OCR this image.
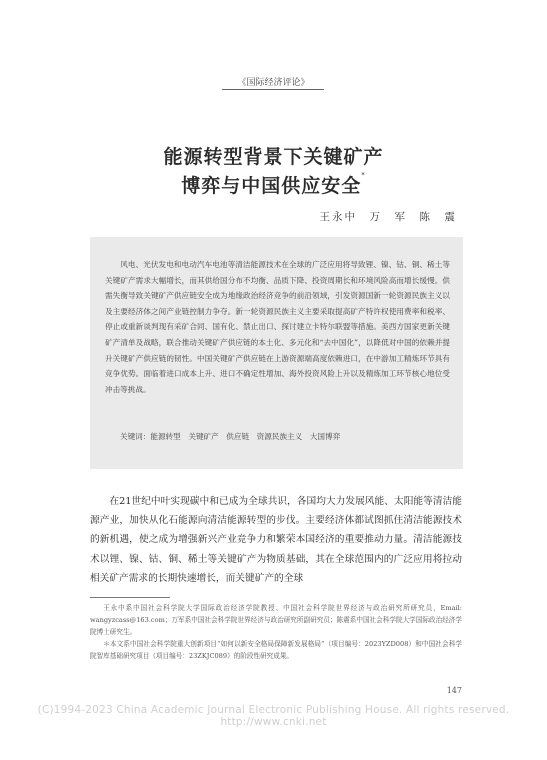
《国际经济评论》
能源转型背景下关键矿产
博弈与中国供应安全*
王永中　万　军　陈　震

风电、光伏发电和电动汽车电池等清洁能源技术在全球的广泛应用将导致锂、镍、钴、铜、稀土等关键矿产需求大幅增长，而其供给国分布不均衡、品质下降、投资周期长和环境风险高而增长缓慢。供需失衡导致关键矿产供应链安全成为地缘政治经济竞争的前沿领域，引发资源国新一轮资源民族主义以及主要经济体之间产业链控制力争夺。新一轮资源民族主义主要采取提高矿产特许权使用费率和税率、停止或重新谈判现有采矿合同、国有化、禁止出口、探讨建立卡特尔联盟等措施。美西方国家更新关键矿产清单及战略，联合推动关键矿产供应链的本土化、多元化和“去中国化”，以降低对中国的依赖并提升关键矿产供应链的韧性。中国关键矿产供应链在上游资源端高度依赖进口，在中游加工精炼环节具有竞争优势。面临着进口成本上升、进口不确定性增加、海外投资风险上升以及精炼加工环节核心地位受冲击等挑战。

关键词：能源转型　关键矿产　供应链　资源民族主义　大国博弈

在21世纪中叶实现碳中和已成为全球共识，各国均大力发展风能、太阳能等清洁能源产业，加快从化石能源向清洁能源转型的步伐。主要经济体都试图抓住清洁能源技术的新机遇，使之成为增强新兴产业竞争力和繁荣本国经济的重要推动力量。清洁能源技术以锂、镍、钴、铜、稀土等关键矿产为物质基础，其在全球范围内的广泛应用将拉动相关矿产需求的长期快速增长，而关键矿产的全球

王永中系中国社会科学院大学国际政治经济学院教授、中国社会科学院世界经济与政治研究所研究员，Email: wangyzcass@163.com；万军系中国社会科学院世界经济与政治研究所副研究员；陈震系中国社会科学院大学国际政治经济学院博士研究生。

＊本文系中国社会科学院重大创新项目“如何以新安全格局保障新发展格局”（项目编号：2023YZD008）和中国社会科学院智库基础研究项目（项目编号：23ZKJC089）的阶段性研究成果。

147
(C)1994-2023 China Academic Journal Electronic Publishing House. All rights reserved. http://www.cnki.net
